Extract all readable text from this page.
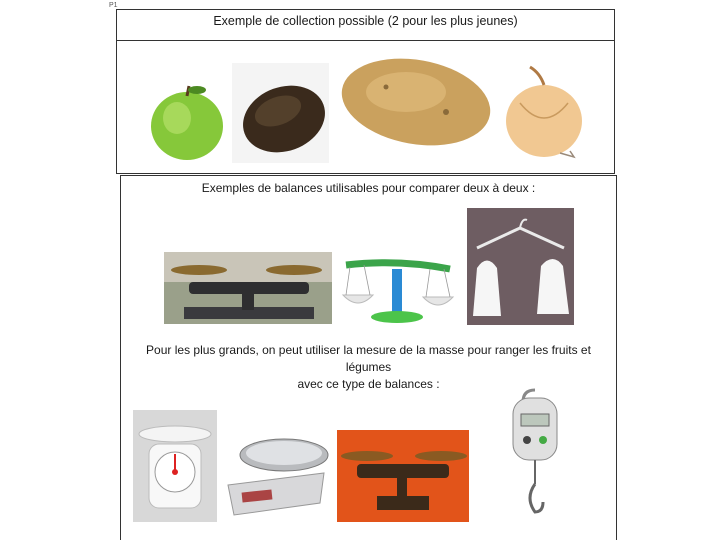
P1
Exemple de collection possible (2 pour les plus jeunes)
Exemples de balances utilisables pour comparer deux à deux :
Pour les plus grands, on peut utiliser la mesure de la masse pour ranger les fruits et légumes
avec ce type de balances :
